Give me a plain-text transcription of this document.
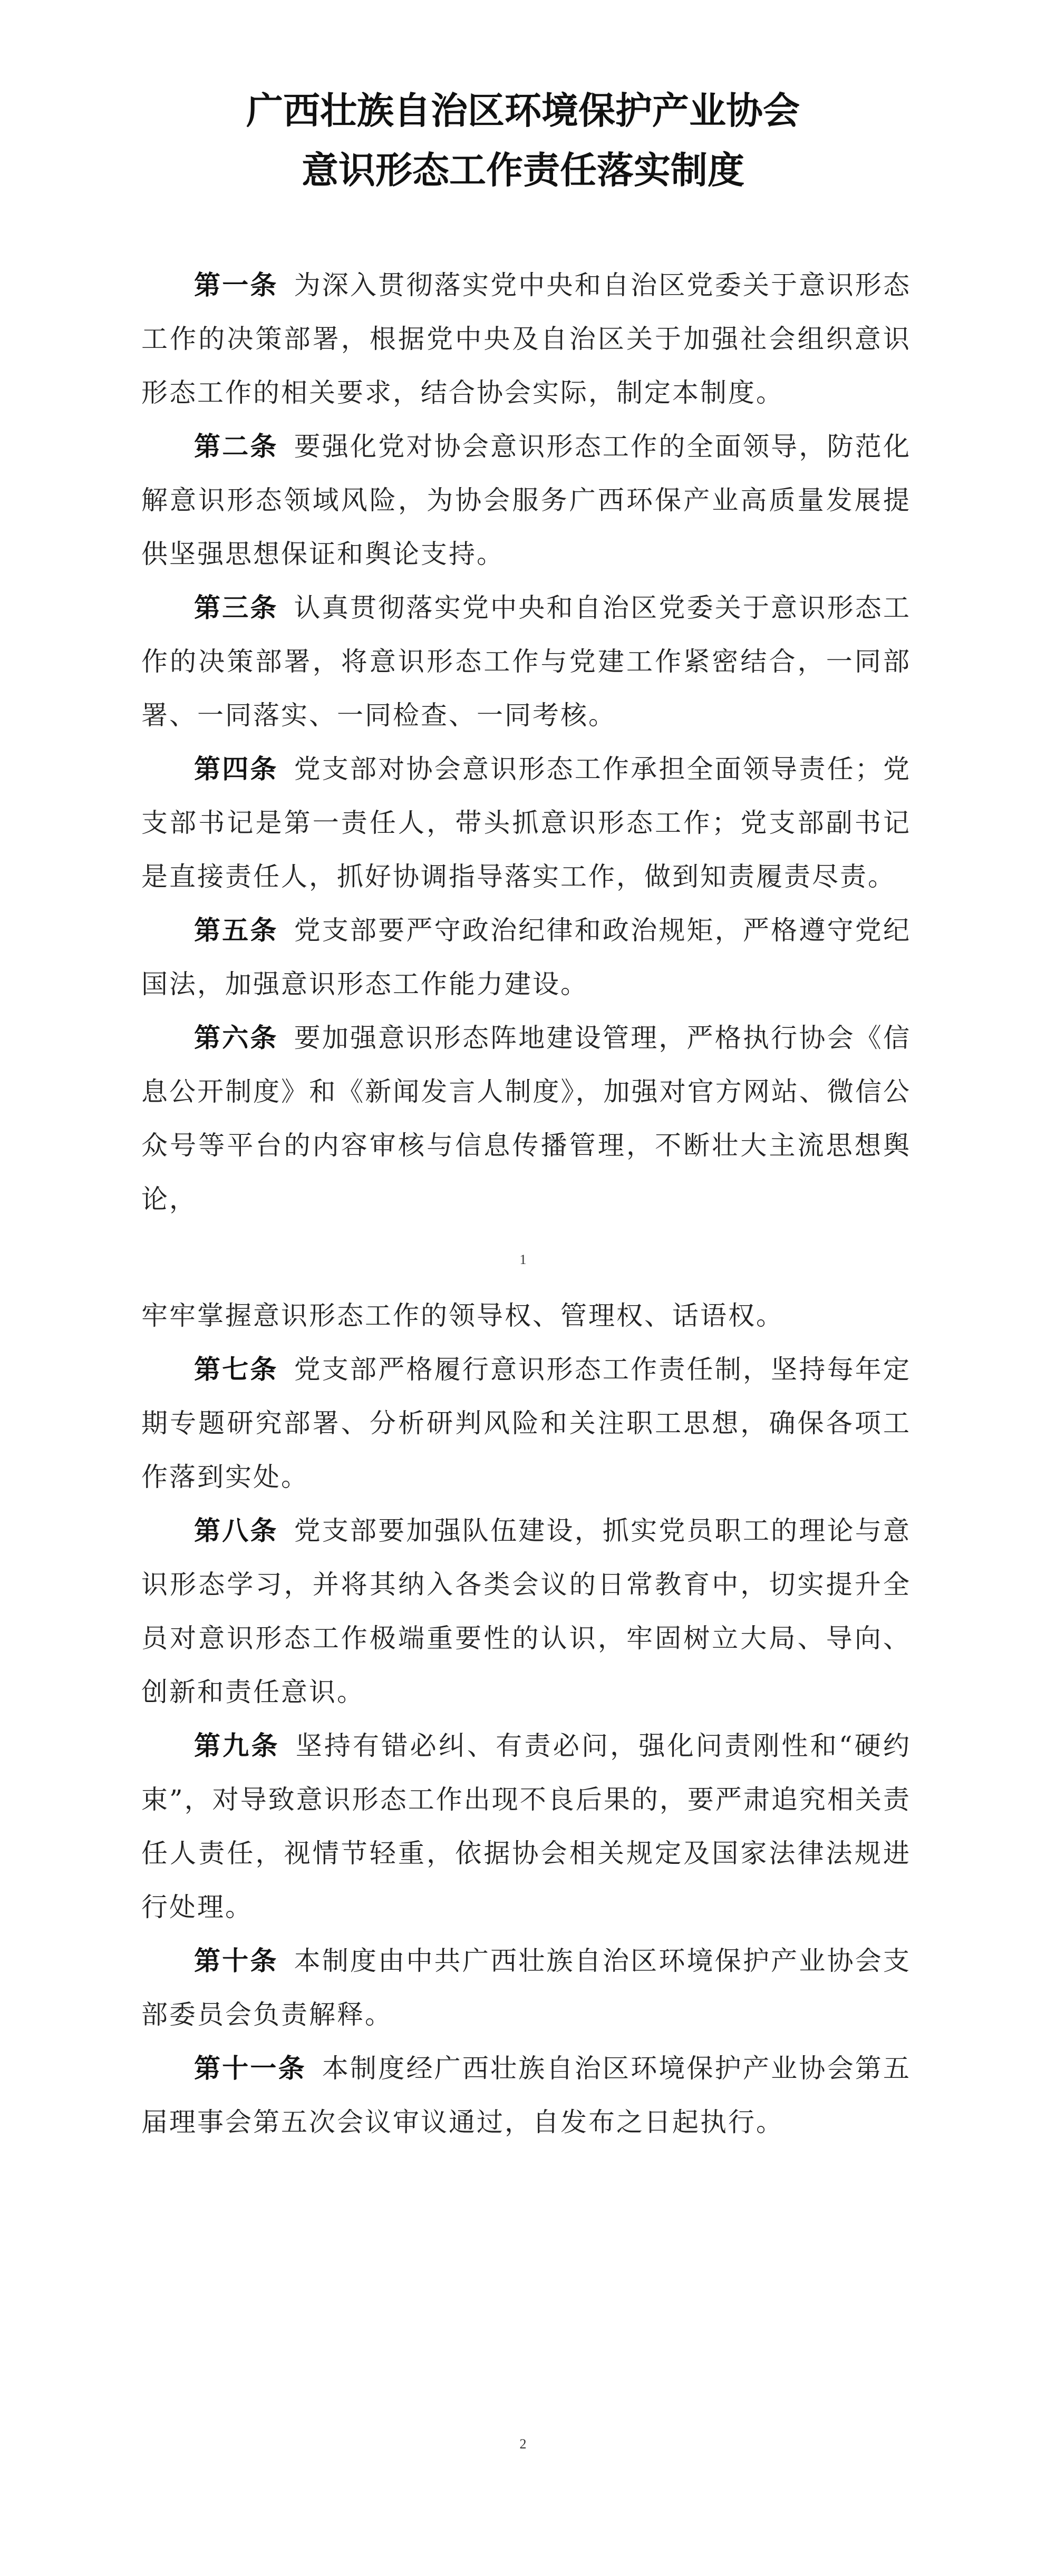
广西壮族自治区环境保护产业协会
意识形态工作责任落实制度

第一条 为深入贯彻落实党中央和自治区党委关于意识形态工作的决策部署，根据党中央及自治区关于加强社会组织意识形态工作的相关要求，结合协会实际，制定本制度。

第二条 要强化党对协会意识形态工作的全面领导，防范化解意识形态领域风险，为协会服务广西环保产业高质量发展提供坚强思想保证和舆论支持。

第三条 认真贯彻落实党中央和自治区党委关于意识形态工作的决策部署，将意识形态工作与党建工作紧密结合，一同部署、一同落实、一同检查、一同考核。

第四条 党支部对协会意识形态工作承担全面领导责任；党支部书记是第一责任人，带头抓意识形态工作；党支部副书记是直接责任人，抓好协调指导落实工作，做到知责履责尽责。

第五条 党支部要严守政治纪律和政治规矩，严格遵守党纪国法，加强意识形态工作能力建设。

第六条 要加强意识形态阵地建设管理，严格执行协会《信息公开制度》和《新闻发言人制度》，加强对官方网站、微信公众号等平台的内容审核与信息传播管理，不断壮大主流思想舆论，

1

牢牢掌握意识形态工作的领导权、管理权、话语权。

第七条 党支部严格履行意识形态工作责任制，坚持每年定期专题研究部署、分析研判风险和关注职工思想，确保各项工作落到实处。

第八条 党支部要加强队伍建设，抓实党员职工的理论与意识形态学习，并将其纳入各类会议的日常教育中，切实提升全员对意识形态工作极端重要性的认识，牢固树立大局、导向、创新和责任意识。

第九条 坚持有错必纠、有责必问，强化问责刚性和“硬约束”，对导致意识形态工作出现不良后果的，要严肃追究相关责任人责任，视情节轻重，依据协会相关规定及国家法律法规进行处理。

第十条 本制度由中共广西壮族自治区环境保护产业协会支部委员会负责解释。

第十一条 本制度经广西壮族自治区环境保护产业协会第五届理事会第五次会议审议通过，自发布之日起执行。

2
